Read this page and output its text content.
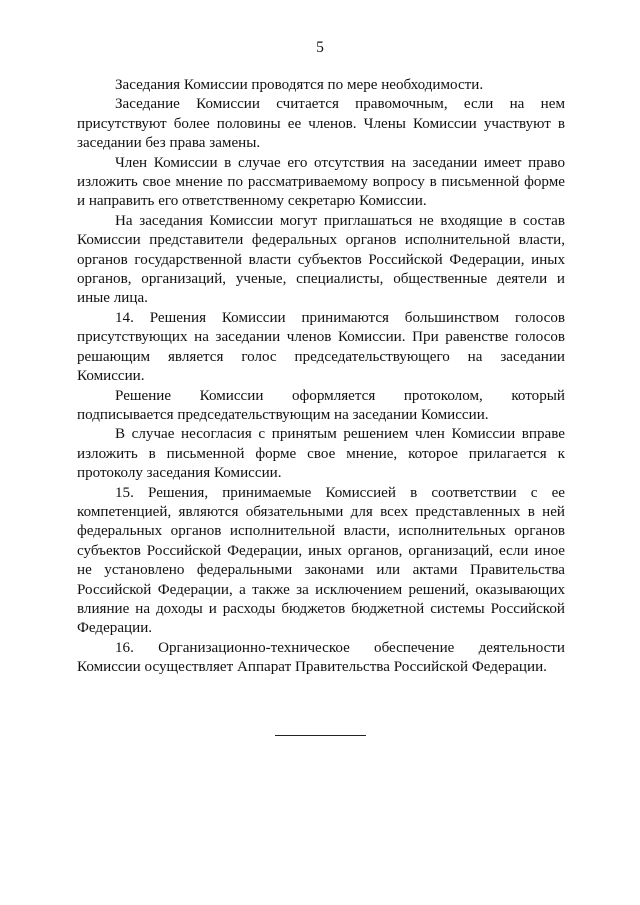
5

Заседания Комиссии проводятся по мере необходимости.

Заседание Комиссии считается правомочным, если на нем присутствуют более половины ее членов. Члены Комиссии участвуют в заседании без права замены.

Член Комиссии в случае его отсутствия на заседании имеет право изложить свое мнение по рассматриваемому вопросу в письменной форме и направить его ответственному секретарю Комиссии.

На заседания Комиссии могут приглашаться не входящие в состав Комиссии представители федеральных органов исполнительной власти, органов государственной власти субъектов Российской Федерации, иных органов, организаций, ученые, специалисты, общественные деятели и иные лица.

14. Решения Комиссии принимаются большинством голосов присутствующих на заседании членов Комиссии. При равенстве голосов решающим является голос председательствующего на заседании Комиссии.

Решение Комиссии оформляется протоколом, который подписывается председательствующим на заседании Комиссии.

В случае несогласия с принятым решением член Комиссии вправе изложить в письменной форме свое мнение, которое прилагается к протоколу заседания Комиссии.

15. Решения, принимаемые Комиссией в соответствии с ее компетенцией, являются обязательными для всех представленных в ней федеральных органов исполнительной власти, исполнительных органов субъектов Российской Федерации, иных органов, организаций, если иное не установлено федеральными законами или актами Правительства Российской Федерации, а также за исключением решений, оказывающих влияние на доходы и расходы бюджетов бюджетной системы Российской Федерации.

16. Организационно-техническое обеспечение деятельности Комиссии осуществляет Аппарат Правительства Российской Федерации.
